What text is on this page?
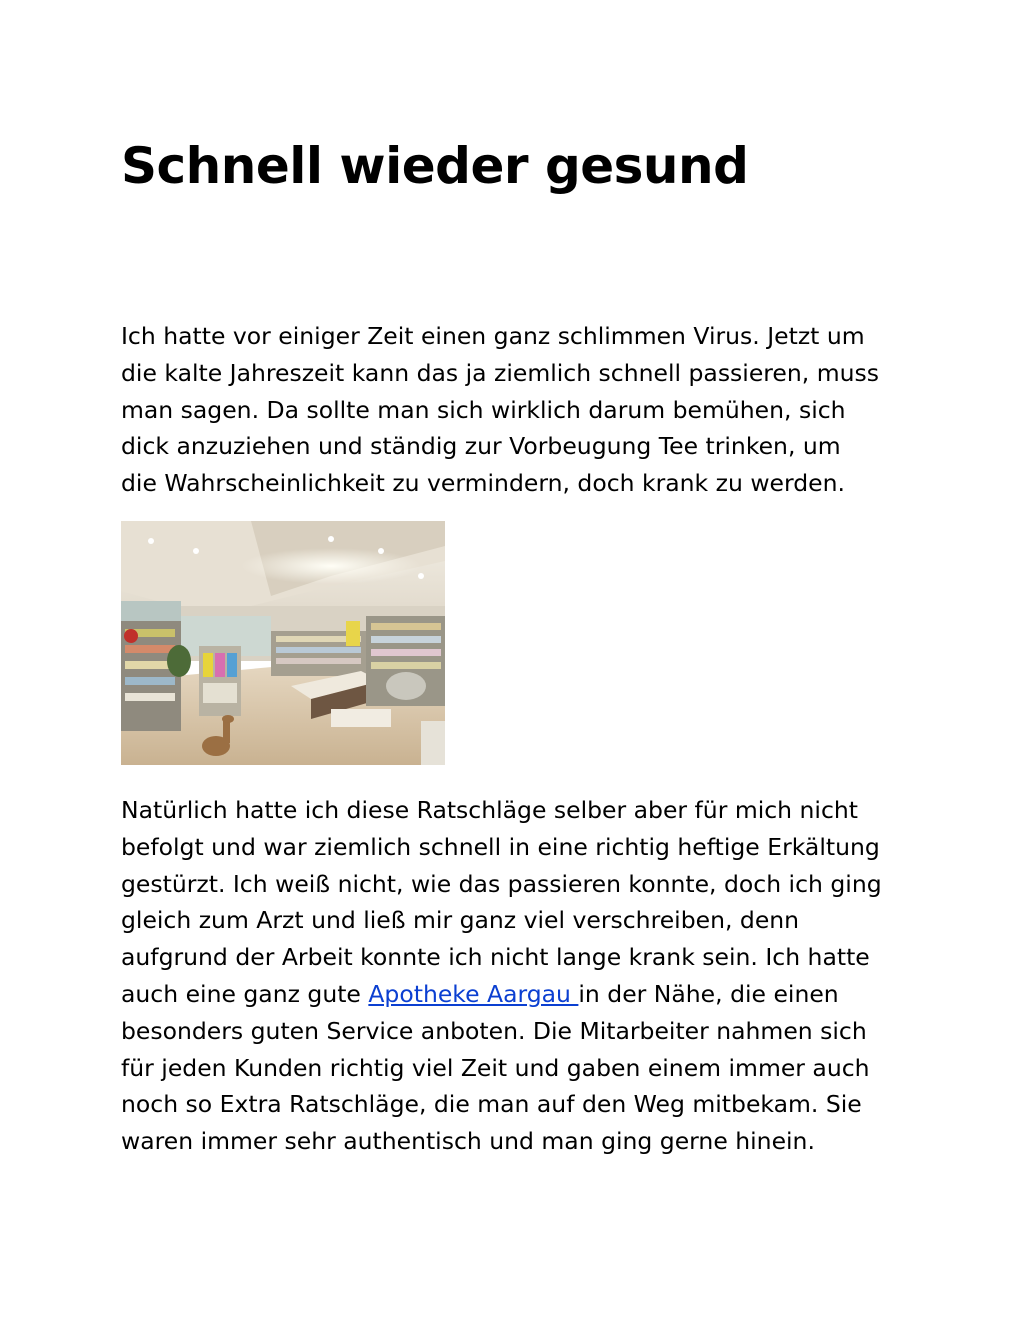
Schnell wieder gesund

Ich hatte vor einiger Zeit einen ganz schlimmen Virus. Jetzt um
die kalte Jahreszeit kann das ja ziemlich schnell passieren, muss
man sagen. Da sollte man sich wirklich darum bemühen, sich
dick anzuziehen und ständig zur Vorbeugung Tee trinken, um
die Wahrscheinlichkeit zu vermindern, doch krank zu werden.

Natürlich hatte ich diese Ratschläge selber aber für mich nicht
befolgt und war ziemlich schnell in eine richtig heftige Erkältung
gestürzt. Ich weiß nicht, wie das passieren konnte, doch ich ging
gleich zum Arzt und ließ mir ganz viel verschreiben, denn
aufgrund der Arbeit konnte ich nicht lange krank sein. Ich hatte
auch eine ganz gute Apotheke Aargau in der Nähe, die einen
besonders guten Service anboten. Die Mitarbeiter nahmen sich
für jeden Kunden richtig viel Zeit und gaben einem immer auch
noch so Extra Ratschläge, die man auf den Weg mitbekam. Sie
waren immer sehr authentisch und man ging gerne hinein.
